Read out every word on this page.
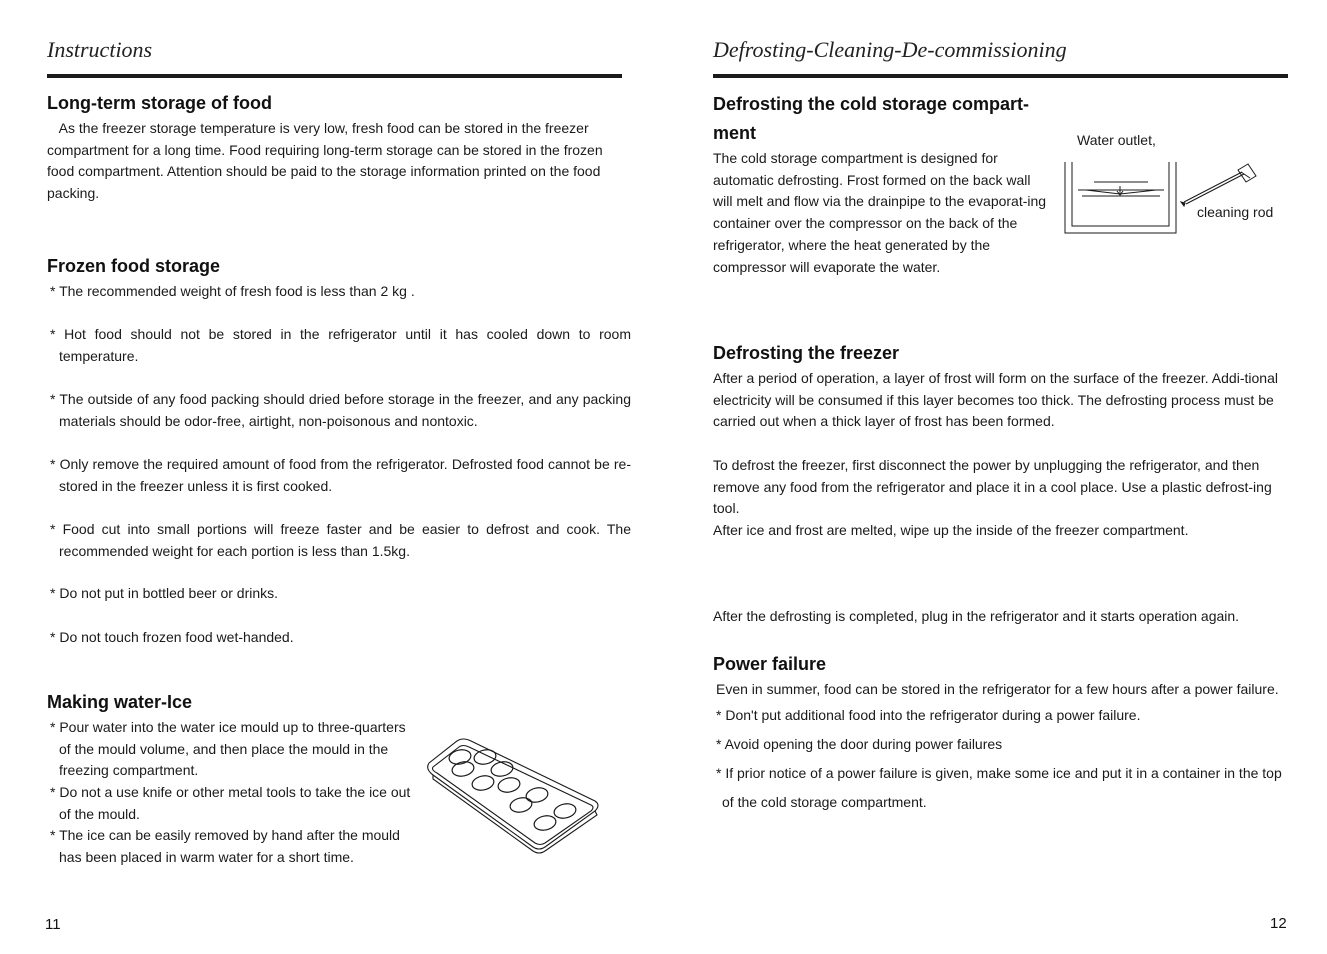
Instructions
Long-term storage of food

As the freezer storage temperature is very low, fresh food can be stored in the freezer compartment for a long time. Food requiring long-term storage can be stored in the frozen food compartment. Attention should be paid to the storage information printed on the food packing.

Frozen food storage

* The recommended weight of fresh food is less than 2 kg .

* Hot food should not be stored in the refrigerator until it has cooled down to room temperature.

* The outside of any food packing should dried before storage in the freezer, and any packing materials should be odor-free, airtight, non-poisonous and nontoxic.

* Only remove the required amount of food from the refrigerator. Defrosted food cannot be re-stored in the freezer unless it is first cooked.

* Food cut into small portions will freeze faster and be easier to defrost and cook. The recommended weight for each portion is less than 1.5kg.

* Do not put in bottled beer or drinks.

* Do not touch frozen food wet-handed.

Making water-Ice

* Pour water into the water ice mould up to three-quarters of the mould volume, and then place the mould in the freezing compartment.

* Do not a use knife or other metal tools to take the ice out of the mould.

* The ice can be easily removed by hand after the mould has been placed in warm water for a short time.

11
Defrosting-Cleaning-De-commissioning
Defrosting the cold storage compart-
ment

The cold storage compartment is designed for automatic defrosting. Frost formed on the back wall will melt and flow via the drainpipe to the evaporat-ing container over the compressor on the back of the refrigerator, where the heat generated by the compressor will evaporate the water.

Water outlet,
cleaning rod
Defrosting the freezer

After a period of operation, a layer of frost will form on the surface of the freezer. Addi-tional electricity will be consumed if this layer becomes too thick. The defrosting process must be carried out when a thick layer of frost has been formed.

To defrost the freezer, first disconnect the power by unplugging the refrigerator, and then remove any food from the refrigerator and place it in a cool place. Use a plastic defrost-ing tool.

After ice and frost are melted, wipe up the inside of the freezer compartment.

After the defrosting is completed, plug in the refrigerator and it starts operation again.

Power failure

Even in summer, food can be stored in the refrigerator for a few hours after a power failure.

* Don't put additional food into the refrigerator during a power failure.

* Avoid opening the door during power failures

* If prior notice of a power failure is given, make some ice and put it in a container in the top

of the cold storage compartment.

12
